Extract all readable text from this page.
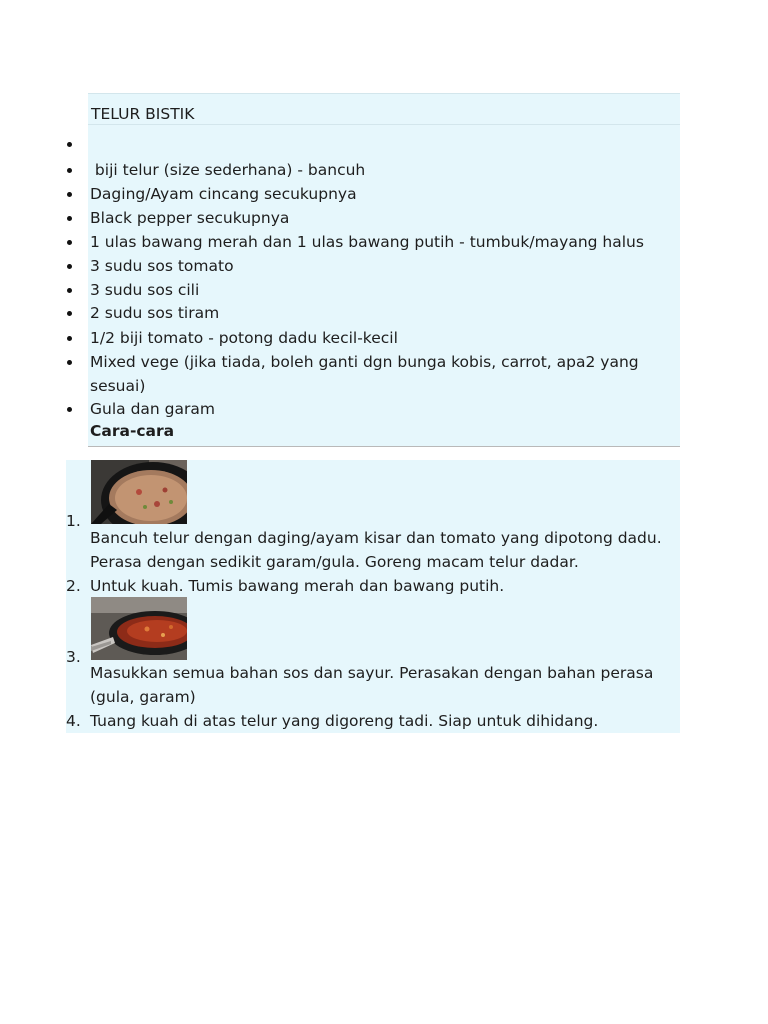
TELUR BISTIK
biji telur (size sederhana) - bancuh
Daging/Ayam cincang secukupnya
Black pepper secukupnya
1 ulas bawang merah dan 1 ulas bawang putih - tumbuk/mayang halus
3 sudu sos tomato
3 sudu sos cili
2 sudu sos tiram
1/2 biji tomato - potong dadu kecil-kecil
Mixed vege (jika tiada, boleh ganti dgn bunga kobis, carrot, apa2 yang sesuai)
Gula dan garam
Cara-cara
1.
Bancuh telur dengan daging/ayam kisar dan tomato yang dipotong dadu. Perasa dengan sedikit garam/gula. Goreng macam telur dadar.
2. Untuk kuah. Tumis bawang merah dan bawang putih.
3.
Masukkan semua bahan sos dan sayur. Perasakan dengan bahan perasa (gula, garam)
4. Tuang kuah di atas telur yang digoreng tadi. Siap untuk dihidang.
